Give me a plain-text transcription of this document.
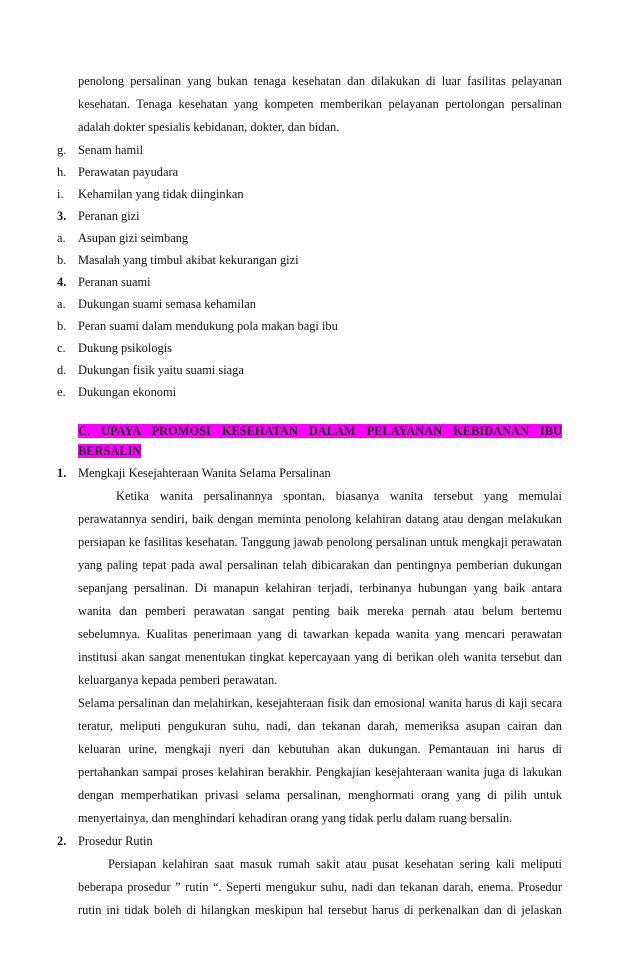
penolong persalinan yang bukan tenaga kesehatan dan dilakukan di luar fasilitas pelayanan
kesehatan. Tenaga kesehatan yang kompeten memberikan pelayanan pertolongan persalinan
adalah dokter spesialis kebidanan, dokter, dan bidan.
g. Senam hamil
h. Perawatan payudara
i. Kehamilan yang tidak diinginkan
3. Peranan gizi
a. Asupan gizi seimbang
b. Masalah yang timbul akibat kekurangan gizi
4. Peranan suami
a. Dukungan suami semasa kehamilan
b. Peran suami dalam mendukung pola makan bagi ibu
c. Dukung psikologis
d. Dukungan fisik yaitu suami siaga
e. Dukungan ekonomi
C. UPAYA PROMOSI KESEHATAN DALAM PELAYANAN KEBIDANAN IBU
BERSALIN
1. Mengkaji Kesejahteraan Wanita Selama Persalinan
Ketika wanita persalinannya spontan, biasanya wanita tersebut yang memulai
perawatannya sendiri, baik dengan meminta penolong kelahiran datang atau dengan melakukan
persiapan ke fasilitas kesehatan. Tanggung jawab penolong persalinan untuk mengkaji perawatan
yang paling tepat pada awal persalinan telah dibicarakan dan pentingnya pemberian dukungan
sepanjang persalinan. Di manapun kelahiran terjadi, terbinanya hubungan yang baik antara
wanita dan pemberi perawatan sangat penting baik mereka pernah atau belum bertemu
sebelumnya. Kualitas penerimaan yang di tawarkan kepada wanita yang mencari perawatan
institusi akan sangat menentukan tingkat kepercayaan yang di berikan oleh wanita tersebut dan
keluarganya kepada pemberi perawatan.
Selama persalinan dan melahirkan, kesejahteraan fisik dan emosional wanita harus di kaji secara
teratur, meliputi pengukuran suhu, nadi, dan tekanan darah, memeriksa asupan cairan dan
keluaran urine, mengkaji nyeri dan kebutuhan akan dukungan. Pemantauan ini harus di
pertahankan sampai proses kelahiran berakhir. Pengkajian kesejahteraan wanita juga di lakukan
dengan memperhatikan privasi selama persalinan, menghormati orang yang di pilih untuk
menyertainya, dan menghindari kehadiran orang yang tidak perlu dalam ruang bersalin.
2. Prosedur Rutin
Persiapan kelahiran saat masuk rumah sakit atau pusat kesehatan sering kali meliputi
beberapa prosedur ” rutin “. Seperti mengukur suhu, nadi dan tekanan darah, enema. Prosedur
rutin ini tidak boleh di hilangkan meskipun hal tersebut harus di perkenalkan dan di jelaskan
